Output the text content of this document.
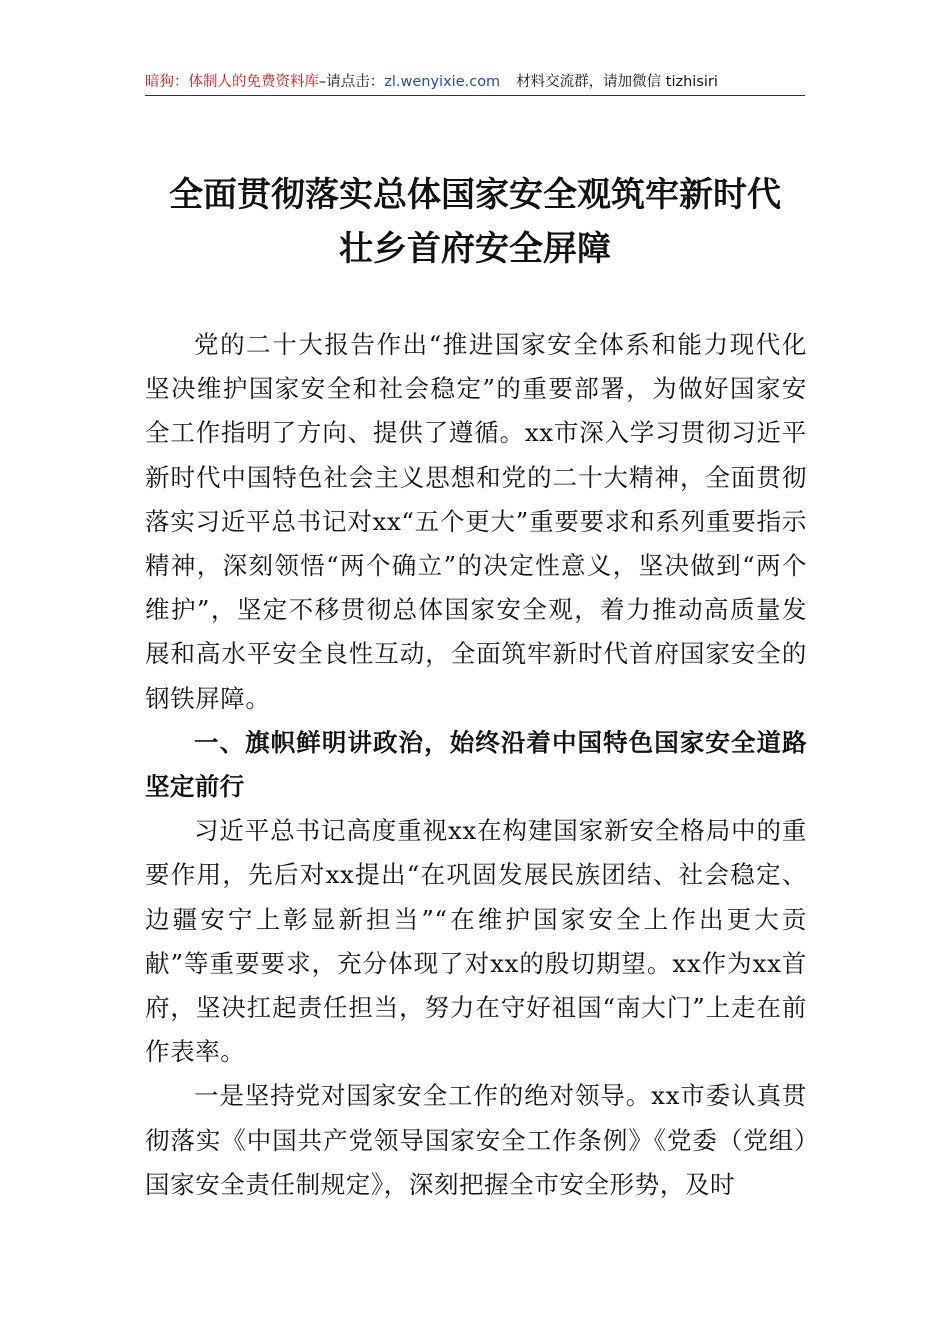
暗狗：体制人的免费资料库–请点击：zl.wenyixie.com 材料交流群，请加微信 tizhisiri
全面贯彻落实总体国家安全观筑牢新时代
壮乡首府安全屏障

党的二十大报告作出“推进国家安全体系和能力现代化坚决维护国家安全和社会稳定”的重要部署，为做好国家安全工作指明了方向、提供了遵循。xx市深入学习贯彻习近平新时代中国特色社会主义思想和党的二十大精神，全面贯彻落实习近平总书记对xx“五个更大”重要要求和系列重要指示精神，深刻领悟“两个确立”的决定性意义，坚决做到“两个维护”，坚定不移贯彻总体国家安全观，着力推动高质量发展和高水平安全良性互动，全面筑牢新时代首府国家安全的钢铁屏障。

一、旗帜鲜明讲政治，始终沿着中国特色国家安全道路坚定前行

习近平总书记高度重视xx在构建国家新安全格局中的重要作用，先后对xx提出“在巩固发展民族团结、社会稳定、边疆安宁上彰显新担当”“在维护国家安全上作出更大贡献”等重要要求，充分体现了对xx的殷切期望。xx作为xx首府，坚决扛起责任担当，努力在守好祖国“南大门”上走在前作表率。

一是坚持党对国家安全工作的绝对领导。xx市委认真贯彻落实《中国共产党领导国家安全工作条例》《党委（党组）国家安全责任制规定》，深刻把握全市安全形势，及时
